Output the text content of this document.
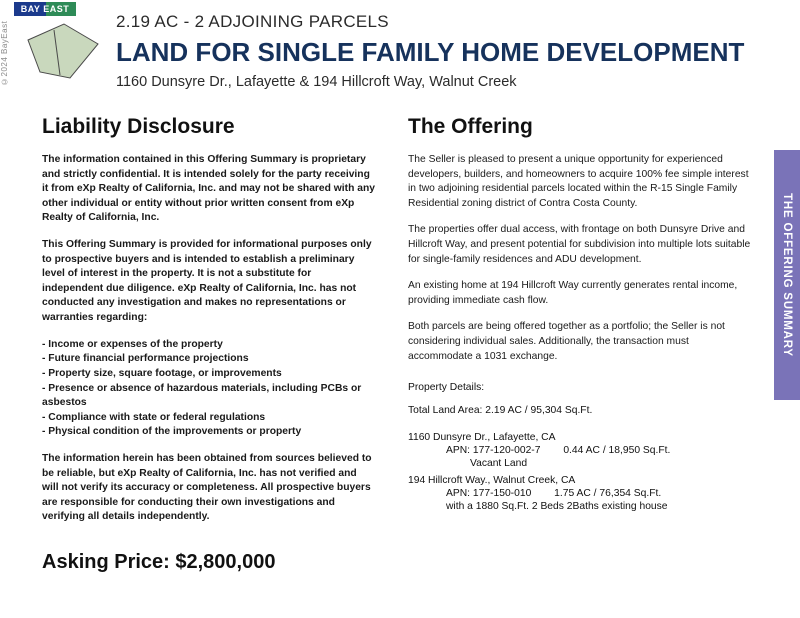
©2024 BayEast
BAY EAST
2.19 AC - 2 ADJOINING PARCELS
LAND FOR SINGLE FAMILY HOME DEVELOPMENT
1160 Dunsyre Dr., Lafayette & 194 Hillcroft Way, Walnut Creek
THE OFFERING SUMMARY
Liability Disclosure

The information contained in this Offering Summary is proprietary and strictly confidential. It is intended solely for the party receiving it from eXp Realty of California, Inc. and may not be shared with any other individual or entity without prior written consent from eXp Realty of California, Inc.

This Offering Summary is provided for informational purposes only to prospective buyers and is intended to establish a preliminary level of interest in the property. It is not a substitute for independent due diligence. eXp Realty of California, Inc. has not conducted any investigation and makes no representations or warranties regarding:

- Income or expenses of the property
- Future financial performance projections
- Property size, square footage, or improvements
- Presence or absence of hazardous materials, including PCBs or asbestos
- Compliance with state or federal regulations
- Physical condition of the improvements or property

The information herein has been obtained from sources believed to be reliable, but eXp Realty of California, Inc. has not verified and will not verify its accuracy or completeness. All prospective buyers are responsible for conducting their own investigations and verifying all details independently.

Asking Price: $2,800,000
The Offering

The Seller is pleased to present a unique opportunity for experienced developers, builders, and homeowners to acquire 100% fee simple interest in two adjoining residential parcels located within the R-15 Single Family Residential zoning district of Contra Costa County.

The properties offer dual access, with frontage on both Dunsyre Drive and Hillcroft Way, and present potential for subdivision into multiple lots suitable for single-family residences and ADU development.

An existing home at 194 Hillcroft Way currently generates rental income, providing immediate cash flow.

Both parcels are being offered together as a portfolio; the Seller is not considering individual sales. Additionally, the transaction must accommodate a 1031 exchange.

Property Details:
Total Land Area: 2.19 AC / 95,304 Sq.Ft.
1160 Dunsyre Dr., Lafayette, CA
APN: 177-120-002-7        0.44 AC / 18,950 Sq.Ft.
Vacant Land
194 Hillcroft Way., Walnut Creek, CA
APN: 177-150-010        1.75 AC / 76,354 Sq.Ft.
with a 1880 Sq.Ft. 2 Beds 2Baths existing house
